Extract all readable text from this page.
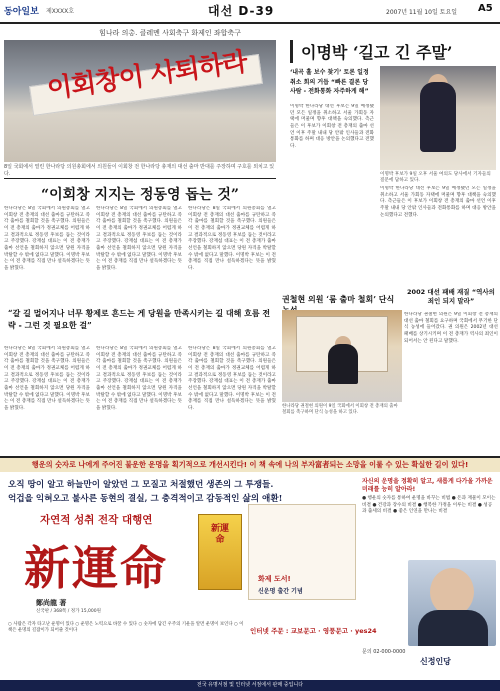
동아일보 제XXXX호	대선 D-39	2007년 11월 10일 토요일 A5
힘나라 의총. 클레멘 사회축구 화제인 좌합축구
이회창이 사퇴하라
8일 국회에서 열린 한나라당 의원총회에서 의원들이 이회창 전 한나라당 총재의 대선 출마 반대를 주장하며 구호를 외치고 있다.
“이회창 지지는 정동영 돕는 것”
한나라당은 8일 국회에서 의원총회를 열고 이회창 전 총재의 대선 출마를 규탄하고 즉각 출마를 철회할 것을 촉구했다. 의원들은 이 전 총재의 출마가 정권교체를 어렵게 하고 결과적으로 정동영 후보를 돕는 것이라고 주장했다. 강재섭 대표는 이 전 총재가 출마 선언을 철회하지 않으면 당원 자격을 박탈할 수 밖에 없다고 말했다. 이명박 후보는 이 전 총재를 직접 만나 설득하겠다는 뜻을 밝혔다.
한나라당은 8일 국회에서 의원총회를 열고 이회창 전 총재의 대선 출마를 규탄하고 즉각 출마를 철회할 것을 촉구했다. 의원들은 이 전 총재의 출마가 정권교체를 어렵게 하고 결과적으로 정동영 후보를 돕는 것이라고 주장했다. 강재섭 대표는 이 전 총재가 출마 선언을 철회하지 않으면 당원 자격을 박탈할 수 밖에 없다고 말했다. 이명박 후보는 이 전 총재를 직접 만나 설득하겠다는 뜻을 밝혔다.
한나라당은 8일 국회에서 의원총회를 열고 이회창 전 총재의 대선 출마를 규탄하고 즉각 출마를 철회할 것을 촉구했다. 의원들은 이 전 총재의 출마가 정권교체를 어렵게 하고 결과적으로 정동영 후보를 돕는 것이라고 주장했다. 강재섭 대표는 이 전 총재가 출마 선언을 철회하지 않으면 당원 자격을 박탈할 수 밖에 없다고 말했다. 이명박 후보는 이 전 총재를 직접 만나 설득하겠다는 뜻을 밝혔다.
“갈 길 멀어지나 너무 황제로 흔드는 게 당원을 만족시키는 길 대해 흐름 전략 - 그런 것 필요한 걸”
한나라당은 8일 국회에서 의원총회를 열고 이회창 전 총재의 대선 출마를 규탄하고 즉각 출마를 철회할 것을 촉구했다. 의원들은 이 전 총재의 출마가 정권교체를 어렵게 하고 결과적으로 정동영 후보를 돕는 것이라고 주장했다. 강재섭 대표는 이 전 총재가 출마 선언을 철회하지 않으면 당원 자격을 박탈할 수 밖에 없다고 말했다. 이명박 후보는 이 전 총재를 직접 만나 설득하겠다는 뜻을 밝혔다.
한나라당은 8일 국회에서 의원총회를 열고 이회창 전 총재의 대선 출마를 규탄하고 즉각 출마를 철회할 것을 촉구했다. 의원들은 이 전 총재의 출마가 정권교체를 어렵게 하고 결과적으로 정동영 후보를 돕는 것이라고 주장했다. 강재섭 대표는 이 전 총재가 출마 선언을 철회하지 않으면 당원 자격을 박탈할 수 밖에 없다고 말했다. 이명박 후보는 이 전 총재를 직접 만나 설득하겠다는 뜻을 밝혔다.
한나라당은 8일 국회에서 의원총회를 열고 이회창 전 총재의 대선 출마를 규탄하고 즉각 출마를 철회할 것을 촉구했다. 의원들은 이 전 총재의 출마가 정권교체를 어렵게 하고 결과적으로 정동영 후보를 돕는 것이라고 주장했다. 강재섭 대표는 이 전 총재가 출마 선언을 철회하지 않으면 당원 자격을 박탈할 수 밖에 없다고 말했다. 이명박 후보는 이 전 총재를 직접 만나 설득하겠다는 뜻을 밝혔다.
이명박 ‘길고 긴 주말’
‘내곡 홀 보수 찾기’ 토론 일정 취소 회의 거듭 “빠른 결론 당 사람 - 전화통화 자주하게 해”
이명박 후보가 9일 오후 서울 여의도 당사에서 기자들의 질문에 답하고 있다.
이명박 한나라당 대선 후보는 9일 예정됐던 모든 일정을 취소하고 서울 가회동 자택에 머물며 향후 대책을 숙의했다. 측근들은 이 후보가 이회창 전 총재의 출마 선언 이후 주말 내내 당 안팎 인사들과 전화통화를 하며 대응 방안을 논의했다고 전했다.
이명박 한나라당 대선 후보는 9일 예정됐던 모든 일정을 취소하고 서울 가회동 자택에 머물며 향후 대책을 숙의했다. 측근들은 이 후보가 이회창 전 총재의 출마 선언 이후 주말 내내 당 안팎 인사들과 전화통화를 하며 대응 방안을 논의했다고 전했다.
권철현 의원 ‘룸 출마 철회’ 단식
2002 대선 패배 재질 “역사의 죄인 되지 말라”
한나라당 권철현 의원이 9일 국회에서 이회창 전 총재의 출마 철회를 촉구하며 단식 농성을 하고 있다.
한나라당 권철현 의원은 9일 이회창 전 총재의 대선 출마 철회를 요구하며 국회에서 무기한 단식 농성에 들어갔다. 권 의원은 2002년 대선 패배를 상기시키며 이 전 총재가 역사의 죄인이 되어서는 안 된다고 말했다.
행운의 숫자로 나에게 주어진 불운한 운명을 획기적으로 개선시킨다! 이 책 속에 나의 부자富者되는 소망을 이룰 수 있는 확실한 길이 있다!
오직 땅이 알고 하늘만이 알았던 그 모질고 처절했던 생존의 그 투쟁들.
억겁을 익혀오고 불사른 동현의 결실, 그 충격적이고 감동적인 삶의 애환!
자연적 성취 전작 대행연
新運命
鄭尚龍 著
신국판 / 368쪽 / 정가 15,000원
○ 사람은 각자 타고난 운명이 있다 ○ 운명은 노력으로 바꿀 수 있다 ○ 숫자에 담긴 우주의 기운을 알면 운명이 보인다 ○ 이 책은 운명의 길잡이가 되어줄 것이다
新運命
화제 도서!
신운명 출간 기념
인터넷 주문 : 교보문고 · 영풍문고 · yes24
자신의 운명을 정확히 알고, 새롭게 다가올 가까운 미래를 능히 알아라!
● 행운의 숫자를 통하여 운명을 바꾸는 비법 ● 돈과 재물이 모이는 비결 ● 건강과 장수의 비결 ● 행복한 가정을 이루는 비결 ● 성공과 출세의 비결 ● 좋은 인연을 만나는 비결
문의 02-000-0000
신정인당
전국 유명서점 및 인터넷 서점에서 판매 중입니다
